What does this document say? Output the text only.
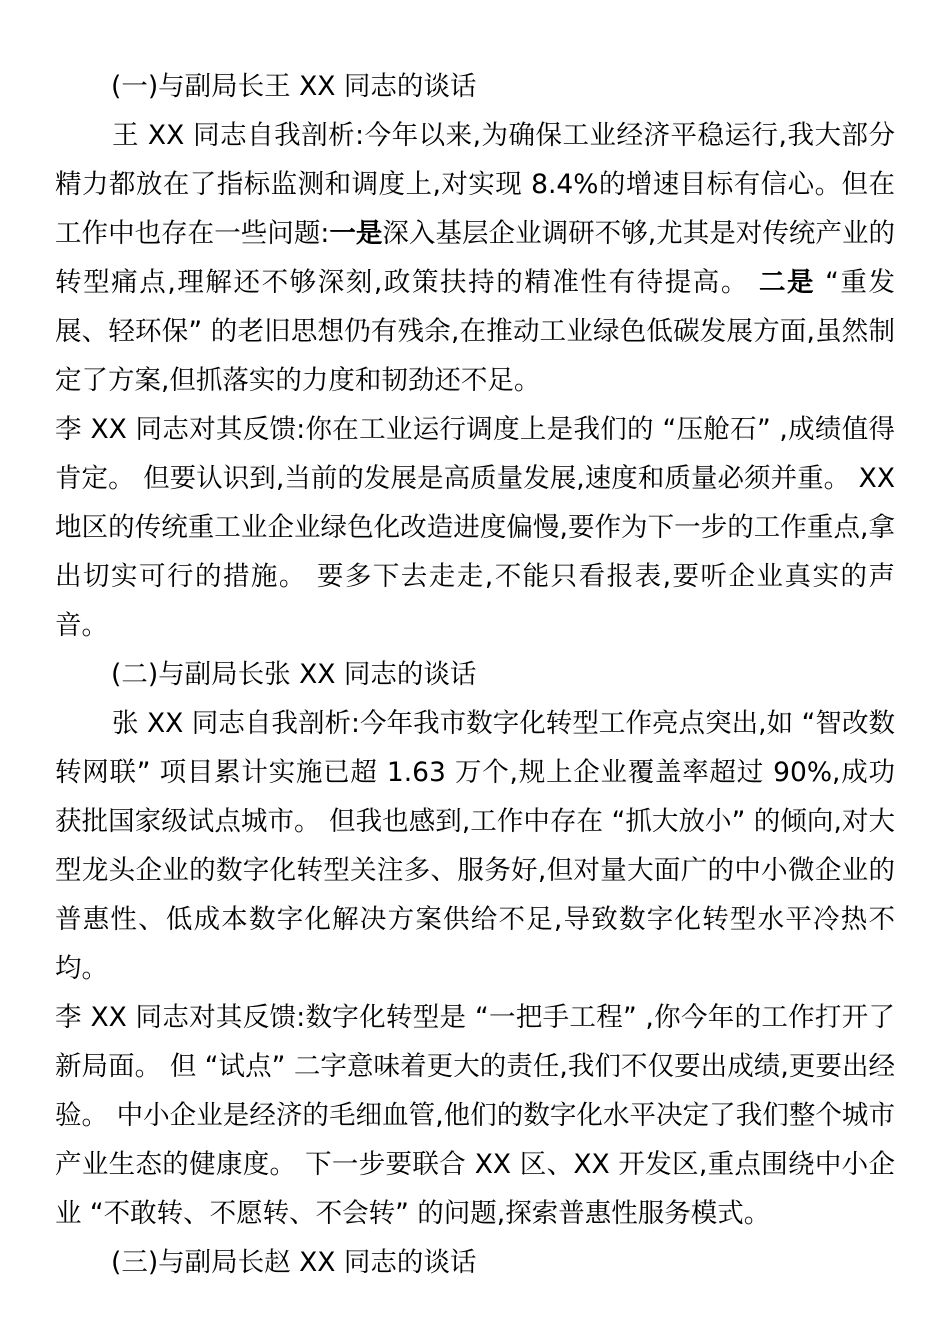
(一)与副局长王 XX 同志的谈话

王 XX 同志自我剖析:今年以来,为确保工业经济平稳运行,我大部分精力都放在了指标监测和调度上,对实现 8.4%的增速目标有信心。但在工作中也存在一些问题:一是深入基层企业调研不够,尤其是对传统产业的转型痛点,理解还不够深刻,政策扶持的精准性有待提高。 二是 “重发展、轻环保” 的老旧思想仍有残余,在推动工业绿色低碳发展方面,虽然制定了方案,但抓落实的力度和韧劲还不足。

李 XX 同志对其反馈:你在工业运行调度上是我们的 “压舱石” ,成绩值得肯定。 但要认识到,当前的发展是高质量发展,速度和质量必须并重。 XX 地区的传统重工业企业绿色化改造进度偏慢,要作为下一步的工作重点,拿出切实可行的措施。 要多下去走走,不能只看报表,要听企业真实的声音。

(二)与副局长张 XX 同志的谈话

张 XX 同志自我剖析:今年我市数字化转型工作亮点突出,如 “智改数转网联” 项目累计实施已超 1.63 万个,规上企业覆盖率超过 90%,成功获批国家级试点城市。 但我也感到,工作中存在 “抓大放小” 的倾向,对大型龙头企业的数字化转型关注多、服务好,但对量大面广的中小微企业的普惠性、低成本数字化解决方案供给不足,导致数字化转型水平冷热不均。

李 XX 同志对其反馈:数字化转型是 “一把手工程” ,你今年的工作打开了新局面。 但 “试点” 二字意味着更大的责任,我们不仅要出成绩,更要出经验。 中小企业是经济的毛细血管,他们的数字化水平决定了我们整个城市产业生态的健康度。 下一步要联合 XX 区、XX 开发区,重点围绕中小企业 “不敢转、不愿转、不会转” 的问题,探索普惠性服务模式。

(三)与副局长赵 XX 同志的谈话
